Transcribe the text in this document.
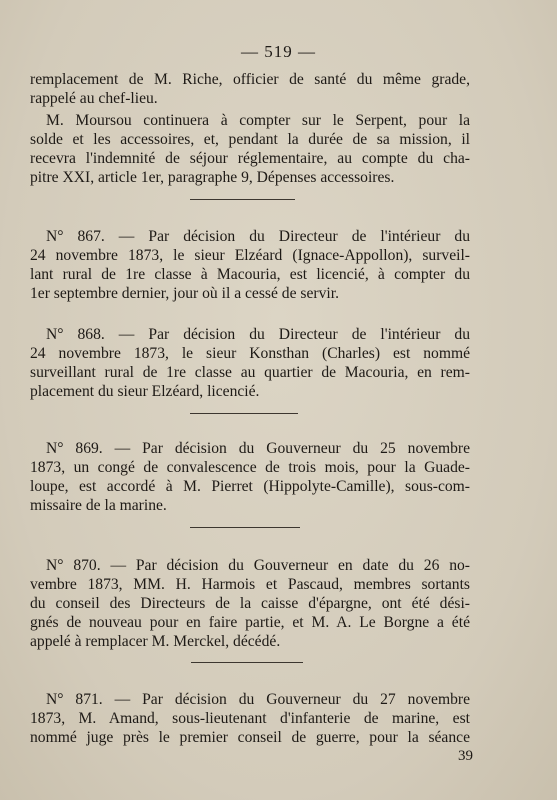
— 519 —
remplacement de M. Riche, officier de santé du même grade,
rappelé au chef-lieu.
M. Moursou continuera à compter sur le Serpent, pour la
solde et les accessoires, et, pendant la durée de sa mission, il
recevra l'indemnité de séjour réglementaire, au compte du cha-
pitre XXI, article 1er, paragraphe 9, Dépenses accessoires.
N° 867. — Par décision du Directeur de l'intérieur du
24 novembre 1873, le sieur Elzéard (Ignace-Appollon), surveil-
lant rural de 1re classe à Macouria, est licencié, à compter du
1er septembre dernier, jour où il a cessé de servir.
N° 868. — Par décision du Directeur de l'intérieur du
24 novembre 1873, le sieur Konsthan (Charles) est nommé
surveillant rural de 1re classe au quartier de Macouria, en rem-
placement du sieur Elzéard, licencié.
N° 869. — Par décision du Gouverneur du 25 novembre
1873, un congé de convalescence de trois mois, pour la Guade-
loupe, est accordé à M. Pierret (Hippolyte-Camille), sous-com-
missaire de la marine.
N° 870. — Par décision du Gouverneur en date du 26 no-
vembre 1873, MM. H. Harmois et Pascaud, membres sortants
du conseil des Directeurs de la caisse d'épargne, ont été dési-
gnés de nouveau pour en faire partie, et M. A. Le Borgne a été
appelé à remplacer M. Merckel, décédé.
N° 871. — Par décision du Gouverneur du 27 novembre
1873, M. Amand, sous-lieutenant d'infanterie de marine, est
nommé juge près le premier conseil de guerre, pour la séance
39
